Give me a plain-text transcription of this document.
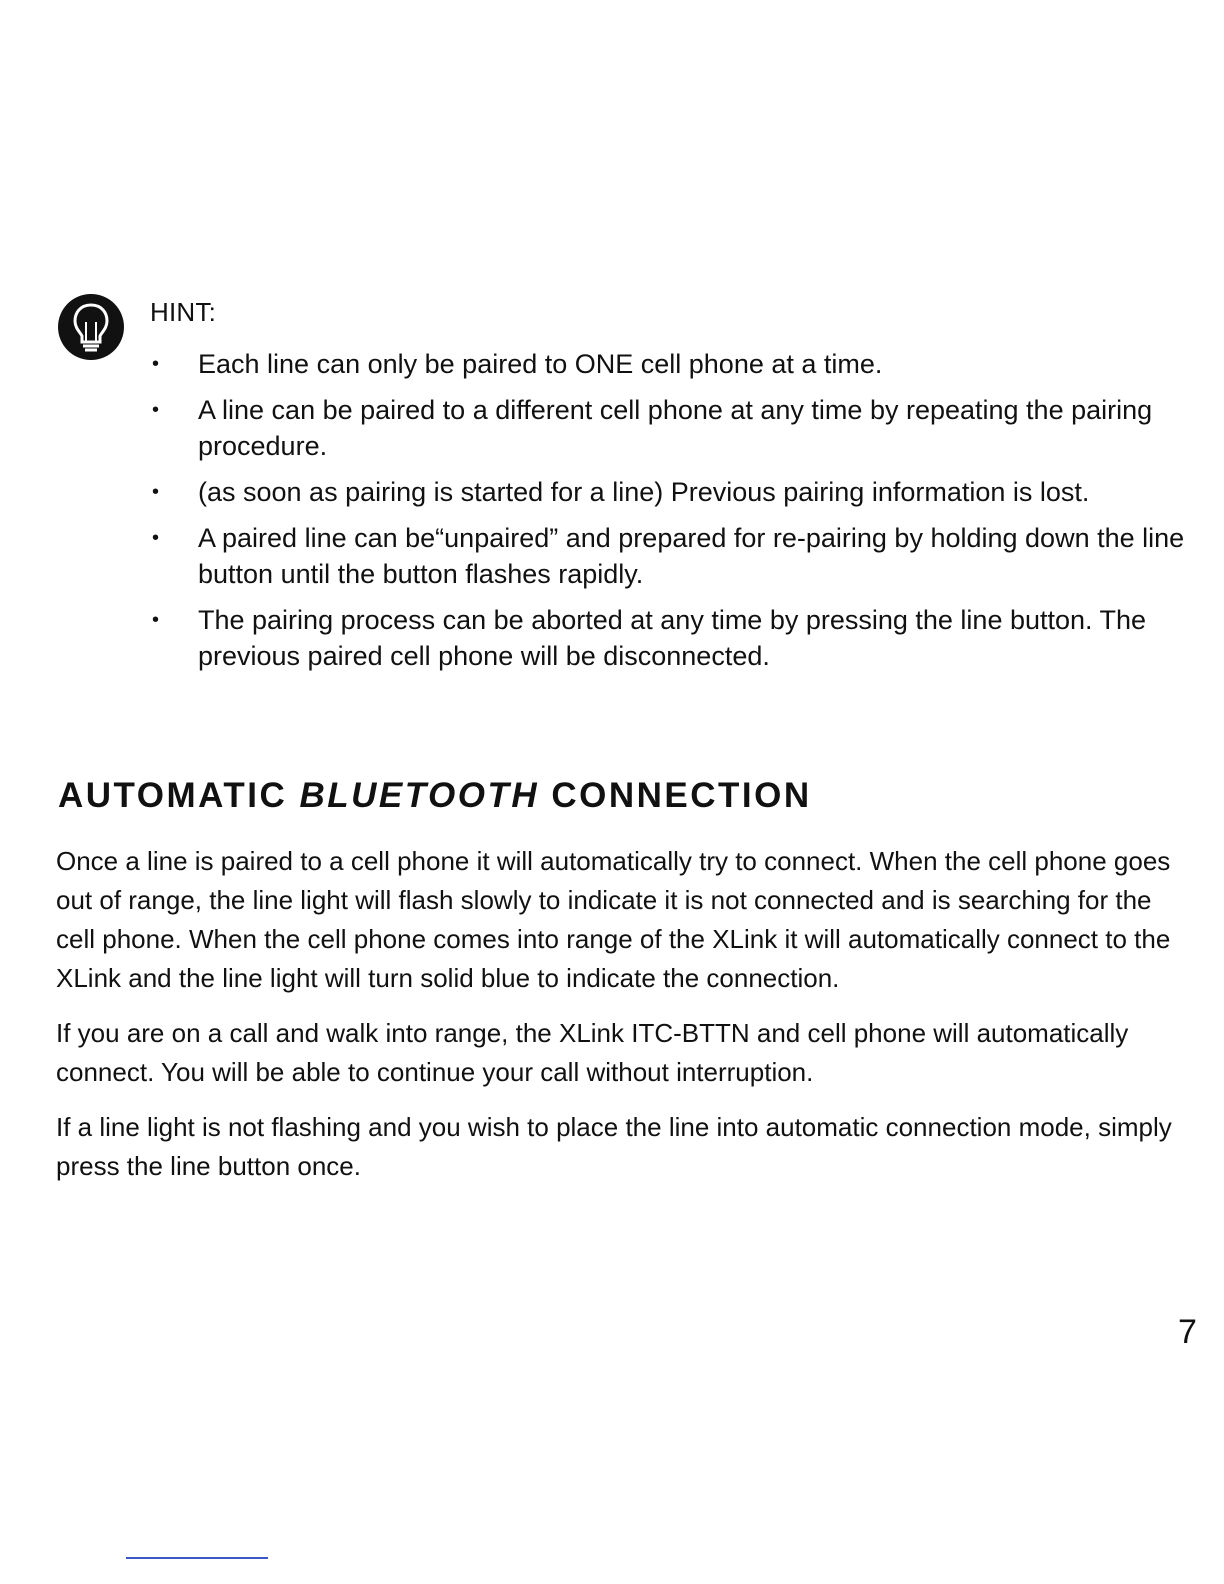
HINT:
• Each line can only be paired to ONE cell phone at a time.
• A line can be paired to a different cell phone at any time by repeating the pairing procedure.
• (as soon as pairing is started for a line) Previous pairing information is lost.
• A paired line can be“unpaired” and prepared for re-pairing by holding down the line button until the button flashes rapidly.
• The pairing process can be aborted at any time by pressing the line button. The previous paired cell phone will be disconnected.
AUTOMATIC BLUETOOTH CONNECTION

Once a line is paired to a cell phone it will automatically try to connect. When the cell phone goes out of range, the line light will flash slowly to indicate it is not connected and is searching for the cell phone. When the cell phone comes into range of the XLink it will automatically connect to the XLink and the line light will turn solid blue to indicate the connection.

If you are on a call and walk into range, the XLink ITC-BTTN and cell phone will automatically connect. You will be able to continue your call without interruption.

If a line light is not flashing and you wish to place the line into automatic connection mode, simply press the line button once.

7
